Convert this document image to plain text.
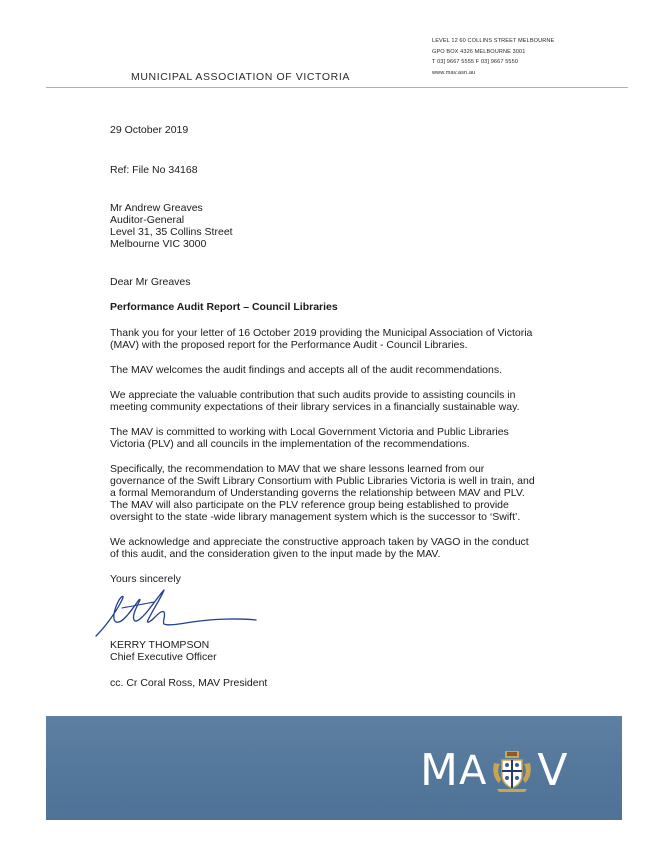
LEVEL 12 60 COLLINS STREET MELBOURNE
GPO BOX 4326 MELBOURNE 3001
T 03] 9667 5555 F 03] 9667 5550
www.mav.asn.au
MUNICIPAL ASSOCIATION OF VICTORIA
29 October 2019
Ref: File No 34168
Mr Andrew Greaves
Auditor-General
Level 31, 35 Collins Street
Melbourne VIC 3000
Dear Mr Greaves
Performance Audit Report – Council Libraries
Thank you for your letter of 16 October 2019 providing the Municipal Association of Victoria
(MAV) with the proposed report for the Performance Audit - Council Libraries.
The MAV welcomes the audit findings and accepts all of the audit recommendations.
We appreciate the valuable contribution that such audits provide to assisting councils in
meeting community expectations of their library services in a financially sustainable way.
The MAV is committed to working with Local Government Victoria and Public Libraries
Victoria (PLV) and all councils in the implementation of the recommendations.
Specifically, the recommendation to MAV that we share lessons learned from our
governance of the Swift Library Consortium with Public Libraries Victoria is well in train, and
a formal Memorandum of Understanding governs the relationship between MAV and PLV.
The MAV will also participate on the PLV reference group being established to provide
oversight to the state -wide library management system which is the successor to ‘Swift’.
We acknowledge and appreciate the constructive approach taken by VAGO in the conduct
of this audit, and the consideration given to the input made by the MAV.
Yours sincerely
KERRY THOMPSON
Chief Executive Officer
cc. Cr Coral Ross, MAV President
M A V
